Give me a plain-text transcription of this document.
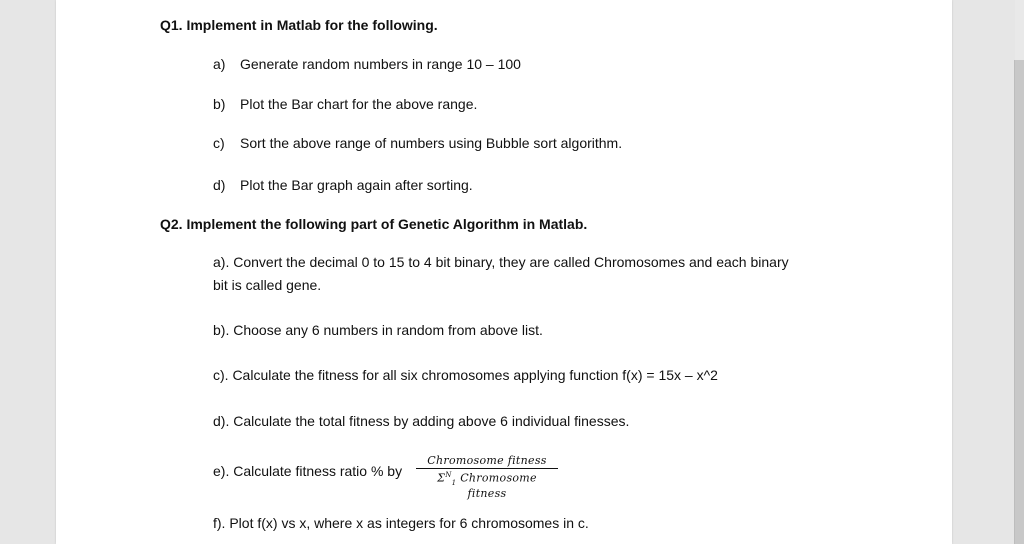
Q1. Implement in Matlab for the following.
a) Generate random numbers in range 10 – 100
b) Plot the Bar chart for the above range.
c) Sort the above range of numbers using Bubble sort algorithm.
d) Plot the Bar graph again after sorting.
Q2. Implement the following part of Genetic Algorithm in Matlab.
a). Convert the decimal 0 to 15 to 4 bit binary, they are called Chromosomes and each binary
bit is called gene.
b). Choose any 6 numbers in random from above list.
c). Calculate the fitness for all six chromosomes applying function f(x) = 15x – x^2
d). Calculate the total fitness by adding above 6 individual finesses.
e). Calculate fitness ratio % by
Chromosome fitness
$\Sigma^N_1$ Chromosome fitness
f). Plot f(x) vs x, where x as integers for 6 chromosomes in c.
